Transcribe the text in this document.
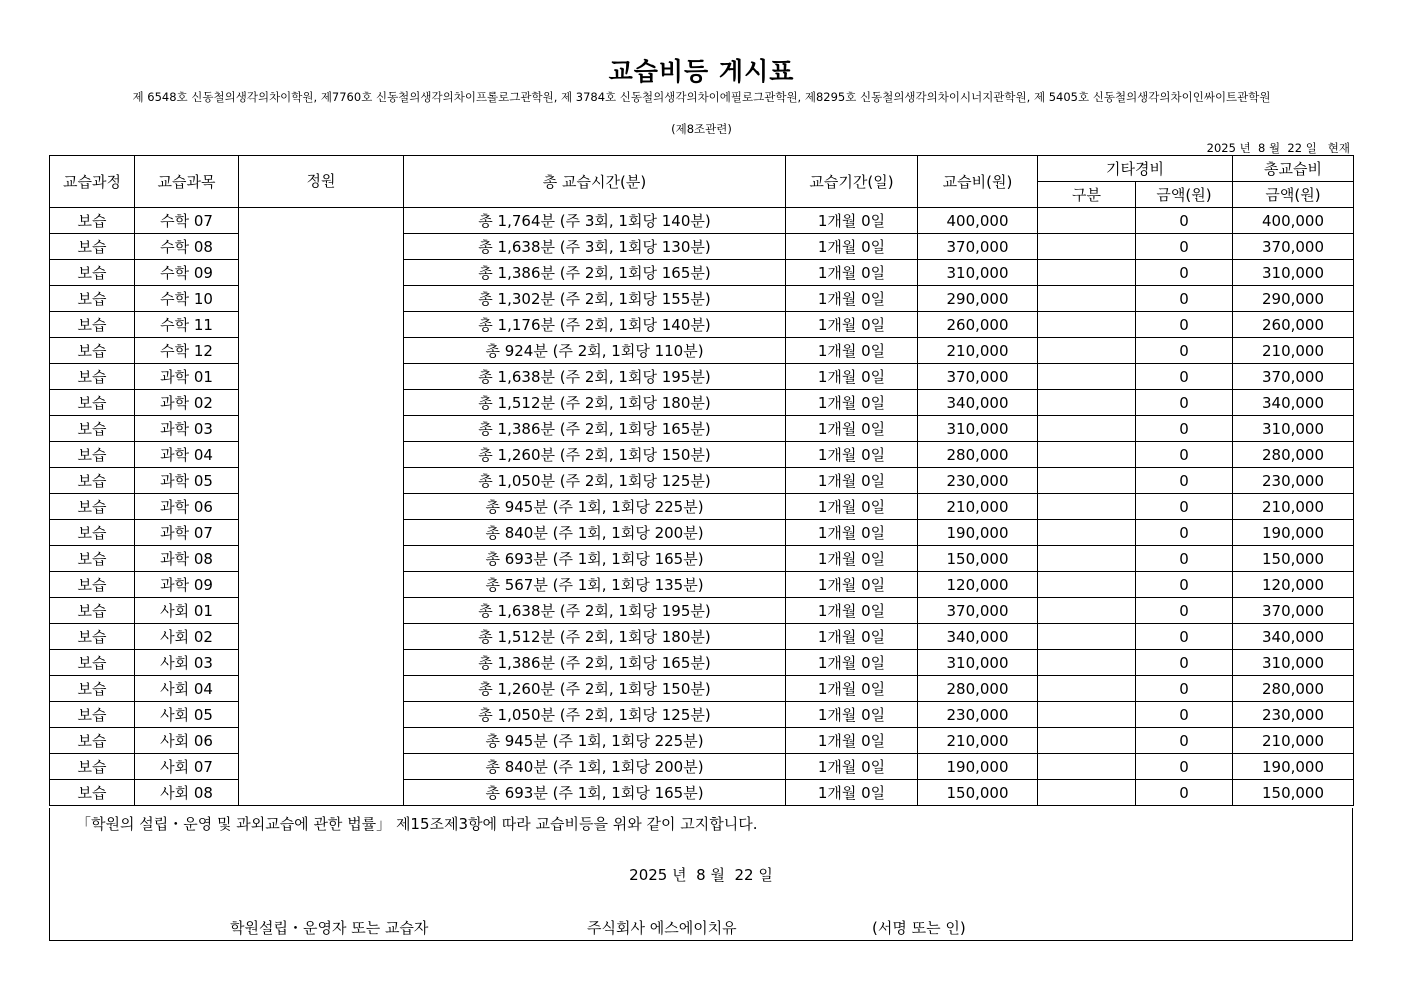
교습비등 게시표
제 6548호 신동철의생각의차이학원, 제7760호 신동철의생각의차이프롤로그관학원, 제 3784호 신동철의생각의차이에필로그관학원, 제8295호 신동철의생각의차이시너지관학원, 제 5405호 신동철의생각의차이인싸이트관학원
(제8조관련)
2025 년  8 월  22 일   현재
교습과정	교습과목	정원	총 교습시간(분)	교습기간(일)	교습비(원)	기타경비		총교습비
						구분	금액(원)	금액(원)
보습	수학 07		총 1,764분 (주 3회, 1회당 140분)	1개월 0일	400,000		0	400,000
보습	수학 08		총 1,638분 (주 3회, 1회당 130분)	1개월 0일	370,000		0	370,000
보습	수학 09		총 1,386분 (주 2회, 1회당 165분)	1개월 0일	310,000		0	310,000
보습	수학 10		총 1,302분 (주 2회, 1회당 155분)	1개월 0일	290,000		0	290,000
보습	수학 11		총 1,176분 (주 2회, 1회당 140분)	1개월 0일	260,000		0	260,000
보습	수학 12		총 924분 (주 2회, 1회당 110분)	1개월 0일	210,000		0	210,000
보습	과학 01		총 1,638분 (주 2회, 1회당 195분)	1개월 0일	370,000		0	370,000
보습	과학 02		총 1,512분 (주 2회, 1회당 180분)	1개월 0일	340,000		0	340,000
보습	과학 03		총 1,386분 (주 2회, 1회당 165분)	1개월 0일	310,000		0	310,000
보습	과학 04		총 1,260분 (주 2회, 1회당 150분)	1개월 0일	280,000		0	280,000
보습	과학 05		총 1,050분 (주 2회, 1회당 125분)	1개월 0일	230,000		0	230,000
보습	과학 06		총 945분 (주 1회, 1회당 225분)	1개월 0일	210,000		0	210,000
보습	과학 07		총 840분 (주 1회, 1회당 200분)	1개월 0일	190,000		0	190,000
보습	과학 08		총 693분 (주 1회, 1회당 165분)	1개월 0일	150,000		0	150,000
보습	과학 09		총 567분 (주 1회, 1회당 135분)	1개월 0일	120,000		0	120,000
보습	사회 01		총 1,638분 (주 2회, 1회당 195분)	1개월 0일	370,000		0	370,000
보습	사회 02		총 1,512분 (주 2회, 1회당 180분)	1개월 0일	340,000		0	340,000
보습	사회 03		총 1,386분 (주 2회, 1회당 165분)	1개월 0일	310,000		0	310,000
보습	사회 04		총 1,260분 (주 2회, 1회당 150분)	1개월 0일	280,000		0	280,000
보습	사회 05		총 1,050분 (주 2회, 1회당 125분)	1개월 0일	230,000		0	230,000
보습	사회 06		총 945분 (주 1회, 1회당 225분)	1개월 0일	210,000		0	210,000
보습	사회 07		총 840분 (주 1회, 1회당 200분)	1개월 0일	190,000		0	190,000
보습	사회 08		총 693분 (주 1회, 1회당 165분)	1개월 0일	150,000		0	150,000
「학원의 설립・운영 및 과외교습에 관한 법률」 제15조제3항에 따라 교습비등을 위와 같이 고지합니다.
2025 년  8 월  22 일
학원설립・운영자 또는 교습자	주식회사 에스에이치유	(서명 또는 인)
